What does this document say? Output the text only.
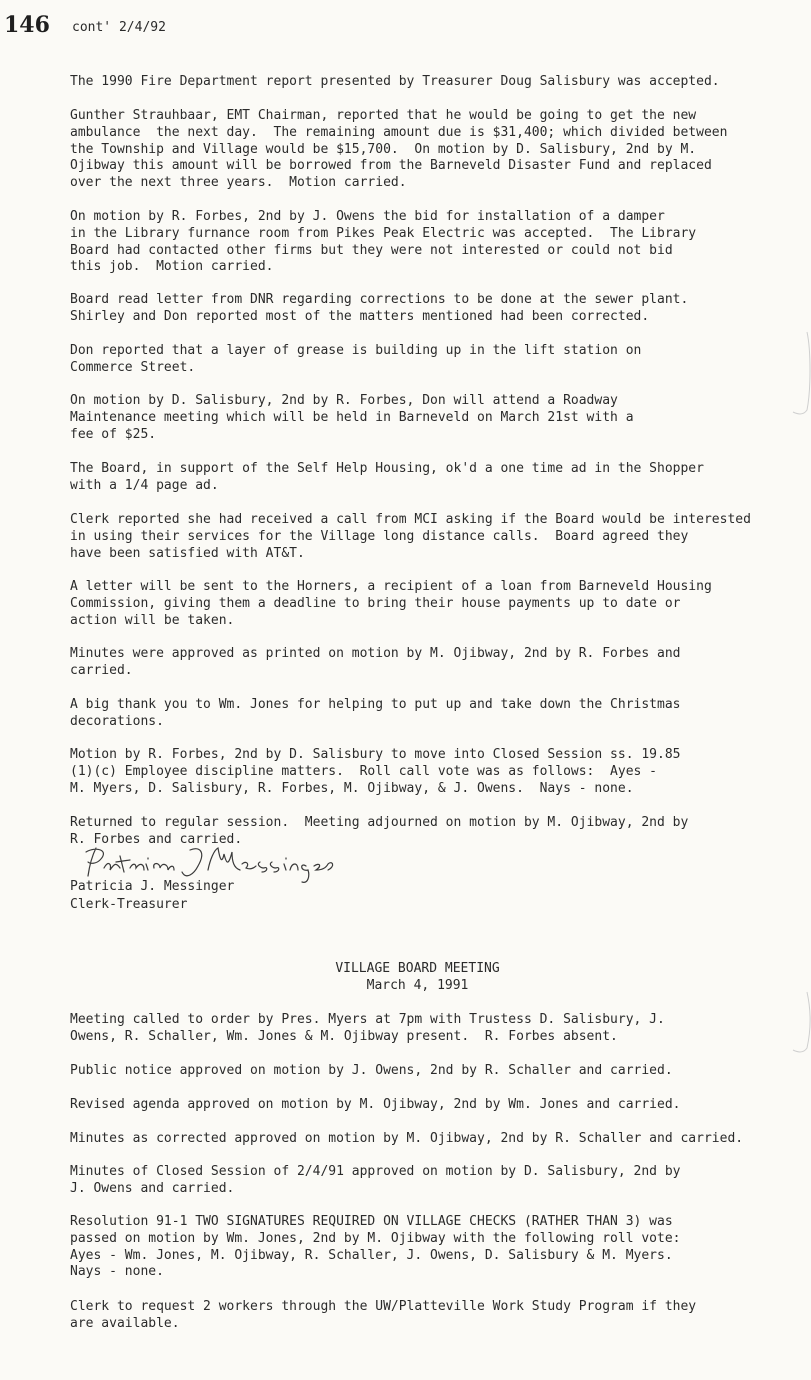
146 cont' 2/4/92

The 1990 Fire Department report presented by Treasurer Doug Salisbury was accepted.

Gunther Strauhbaar, EMT Chairman, reported that he would be going to get the new
ambulance  the next day.  The remaining amount due is $31,400; which divided between
the Township and Village would be $15,700.  On motion by D. Salisbury, 2nd by M.
Ojibway this amount will be borrowed from the Barneveld Disaster Fund and replaced
over the next three years.  Motion carried.

On motion by R. Forbes, 2nd by J. Owens the bid for installation of a damper
in the Library furnance room from Pikes Peak Electric was accepted.  The Library
Board had contacted other firms but they were not interested or could not bid
this job.  Motion carried.

Board read letter from DNR regarding corrections to be done at the sewer plant.
Shirley and Don reported most of the matters mentioned had been corrected.

Don reported that a layer of grease is building up in the lift station on
Commerce Street.

On motion by D. Salisbury, 2nd by R. Forbes, Don will attend a Roadway
Maintenance meeting which will be held in Barneveld on March 21st with a
fee of $25.

The Board, in support of the Self Help Housing, ok'd a one time ad in the Shopper
with a 1/4 page ad.

Clerk reported she had received a call from MCI asking if the Board would be interested
in using their services for the Village long distance calls.  Board agreed they
have been satisfied with AT&T.

A letter will be sent to the Horners, a recipient of a loan from Barneveld Housing
Commission, giving them a deadline to bring their house payments up to date or
action will be taken.

Minutes were approved as printed on motion by M. Ojibway, 2nd by R. Forbes and
carried.

A big thank you to Wm. Jones for helping to put up and take down the Christmas
decorations.

Motion by R. Forbes, 2nd by D. Salisbury to move into Closed Session ss. 19.85
(1)(c) Employee discipline matters.  Roll call vote was as follows:  Ayes -
M. Myers, D. Salisbury, R. Forbes, M. Ojibway, & J. Owens.  Nays - none.

Returned to regular session.  Meeting adjourned on motion by M. Ojibway, 2nd by
R. Forbes and carried.

Patricia J. Messinger

Clerk-Treasurer

VILLAGE BOARD MEETING

March 4, 1991

Meeting called to order by Pres. Myers at 7pm with Trustess D. Salisbury, J.
Owens, R. Schaller, Wm. Jones & M. Ojibway present.  R. Forbes absent.

Public notice approved on motion by J. Owens, 2nd by R. Schaller and carried.

Revised agenda approved on motion by M. Ojibway, 2nd by Wm. Jones and carried.

Minutes as corrected approved on motion by M. Ojibway, 2nd by R. Schaller and carried.

Minutes of Closed Session of 2/4/91 approved on motion by D. Salisbury, 2nd by
J. Owens and carried.

Resolution 91-1 TWO SIGNATURES REQUIRED ON VILLAGE CHECKS (RATHER THAN 3) was
passed on motion by Wm. Jones, 2nd by M. Ojibway with the following roll vote:
Ayes - Wm. Jones, M. Ojibway, R. Schaller, J. Owens, D. Salisbury & M. Myers.
Nays - none.

Clerk to request 2 workers through the UW/Platteville Work Study Program if they
are available.
